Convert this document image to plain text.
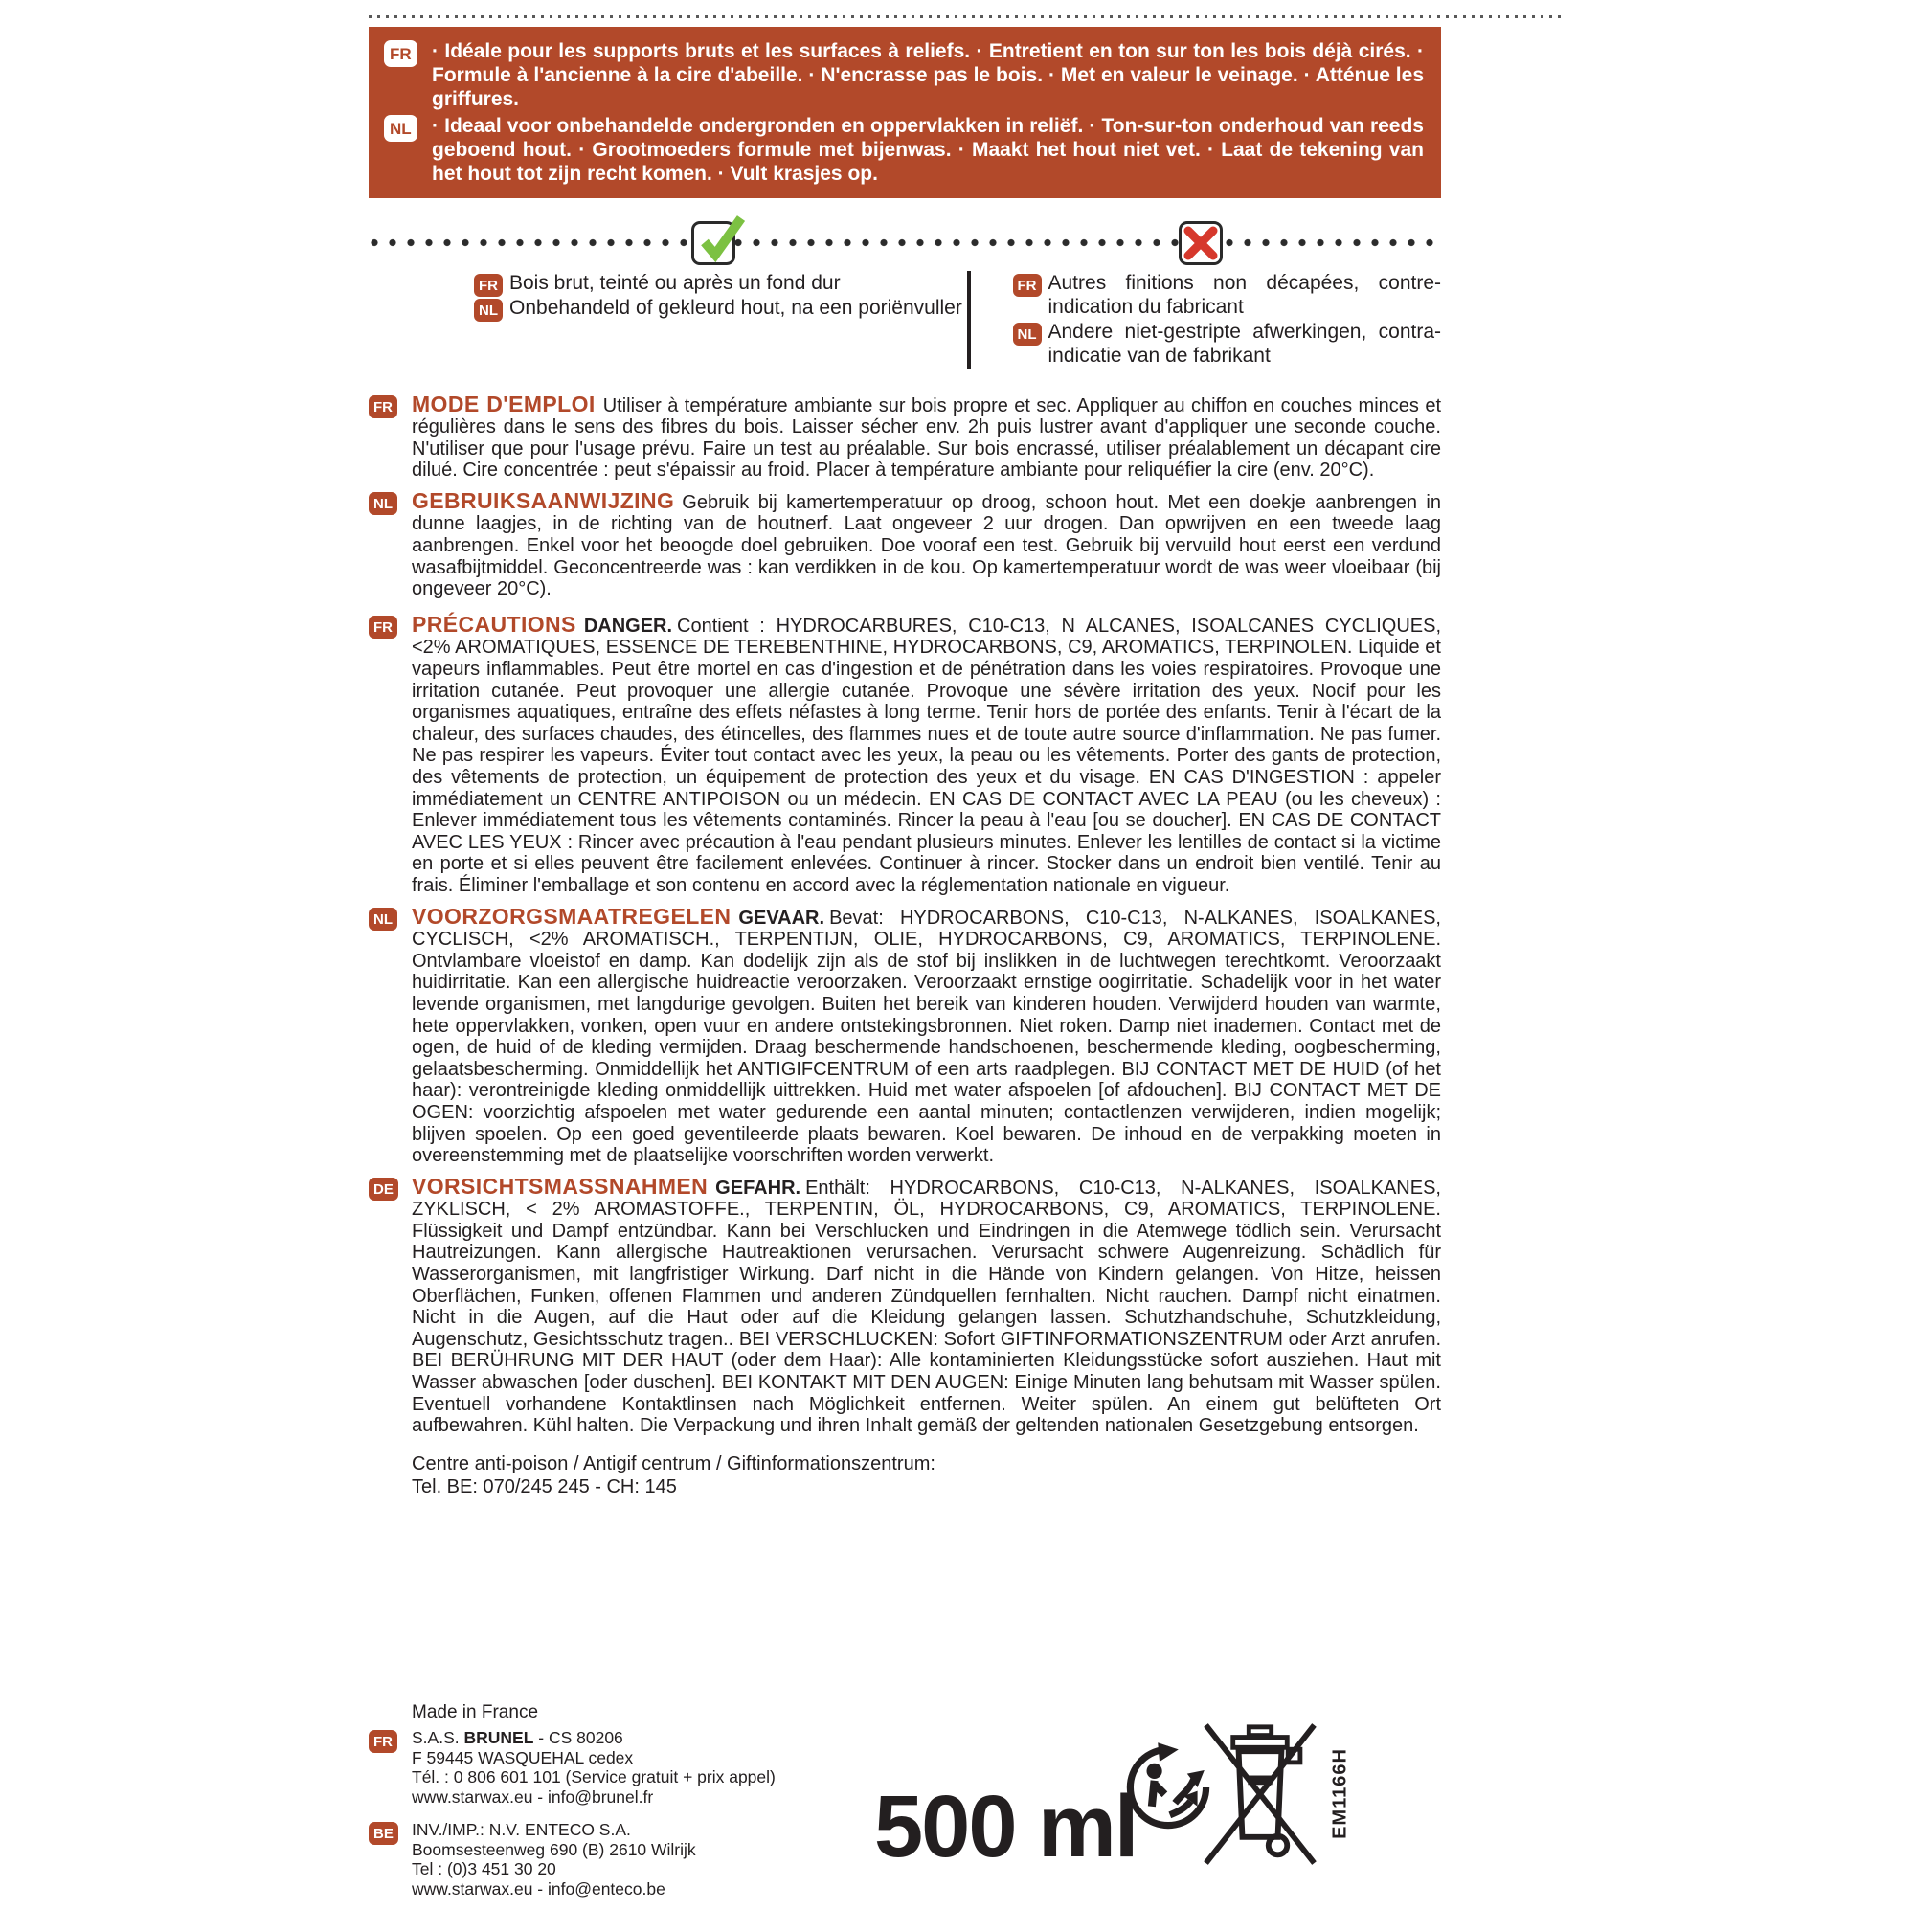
FR · Idéale pour les supports bruts et les surfaces à reliefs. · Entretient en ton sur ton les bois déjà cirés. · Formule à l'ancienne à la cire d'abeille. · N'encrasse pas le bois. · Met en valeur le veinage. · Atténue les griffures.

NL · Ideaal voor onbehandelde ondergronden en oppervlakken in reliëf. · Ton-sur-ton onderhoud van reeds geboend hout. · Grootmoeders formule met bijenwas. · Maakt het hout niet vet. · Laat de tekening van het hout tot zijn recht komen. · Vult krasjes op.

FR Bois brut, teinté ou après un fond dur
NL Onbehandeld of gekleurd hout, na een poriënvuller
FR Autres finitions non décapées, contre-indication du fabricant
NL Andere niet-gestripte afwerkingen, contra-indicatie van de fabrikant
FR MODE D'EMPLOI Utiliser à température ambiante sur bois propre et sec. Appliquer au chiffon en couches minces et régulières dans le sens des fibres du bois. Laisser sécher env. 2h puis lustrer avant d'appliquer une seconde couche. N'utiliser que pour l'usage prévu. Faire un test au préalable. Sur bois encrassé, utiliser préalablement un décapant cire dilué. Cire concentrée : peut s'épaissir au froid. Placer à température ambiante pour reliquéfier la cire (env. 20°C).
NL GEBRUIKSAANWIJZING Gebruik bij kamertemperatuur op droog, schoon hout. Met een doekje aanbrengen in dunne laagjes, in de richting van de houtnerf. Laat ongeveer 2 uur drogen. Dan opwrijven en een tweede laag aanbrengen. Enkel voor het beoogde doel gebruiken. Doe vooraf een test. Gebruik bij vervuild hout eerst een verdund wasafbijtmiddel. Geconcentreerde was : kan verdikken in de kou. Op kamertemperatuur wordt de was weer vloeibaar (bij ongeveer 20°C).
FR PRÉCAUTIONS DANGER. Contient : HYDROCARBURES, C10-C13, N ALCANES, ISOALCANES CYCLIQUES, <2% AROMATIQUES, ESSENCE DE TEREBENTHINE, HYDROCARBONS, C9, AROMATICS, TERPINOLEN. Liquide et vapeurs inflammables. Peut être mortel en cas d'ingestion et de pénétration dans les voies respiratoires. Provoque une irritation cutanée. Peut provoquer une allergie cutanée. Provoque une sévère irritation des yeux. Nocif pour les organismes aquatiques, entraîne des effets néfastes à long terme. Tenir hors de portée des enfants. Tenir à l'écart de la chaleur, des surfaces chaudes, des étincelles, des flammes nues et de toute autre source d'inflammation. Ne pas fumer. Ne pas respirer les vapeurs. Éviter tout contact avec les yeux, la peau ou les vêtements. Porter des gants de protection, des vêtements de protection, un équipement de protection des yeux et du visage. EN CAS D'INGESTION : appeler immédiatement un CENTRE ANTIPOISON ou un médecin. EN CAS DE CONTACT AVEC LA PEAU (ou les cheveux) : Enlever immédiatement tous les vêtements contaminés. Rincer la peau à l'eau [ou se doucher]. EN CAS DE CONTACT AVEC LES YEUX : Rincer avec précaution à l'eau pendant plusieurs minutes. Enlever les lentilles de contact si la victime en porte et si elles peuvent être facilement enlevées. Continuer à rincer. Stocker dans un endroit bien ventilé. Tenir au frais. Éliminer l'emballage et son contenu en accord avec la réglementation nationale en vigueur.
NL VOORZORGSMAATREGELEN GEVAAR. Bevat: HYDROCARBONS, C10-C13, N-ALKANES, ISOALKANES, CYCLISCH, <2% AROMATISCH., TERPENTIJN, OLIE, HYDROCARBONS, C9, AROMATICS, TERPINOLENE. Ontvlambare vloeistof en damp. Kan dodelijk zijn als de stof bij inslikken in de luchtwegen terechtkomt. Veroorzaakt huidirritatie. Kan een allergische huidreactie veroorzaken. Veroorzaakt ernstige oogirritatie. Schadelijk voor in het water levende organismen, met langdurige gevolgen. Buiten het bereik van kinderen houden. Verwijderd houden van warmte, hete oppervlakken, vonken, open vuur en andere ontstekingsbronnen. Niet roken. Damp niet inademen. Contact met de ogen, de huid of de kleding vermijden. Draag beschermende handschoenen, beschermende kleding, oogbescherming, gelaatsbescherming. Onmiddellijk het ANTIGIFCENTRUM of een arts raadplegen. BIJ CONTACT MET DE HUID (of het haar): verontreinigde kleding onmiddellijk uittrekken. Huid met water afspoelen [of afdouchen]. BIJ CONTACT MET DE OGEN: voorzichtig afspoelen met water gedurende een aantal minuten; contactlenzen verwijderen, indien mogelijk; blijven spoelen. Op een goed geventileerde plaats bewaren. Koel bewaren. De inhoud en de verpakking moeten in overeenstemming met de plaatselijke voorschriften worden verwerkt.
DE VORSICHTSMASSNAHMEN GEFAHR. Enthält: HYDROCARBONS, C10-C13, N-ALKANES, ISOALKANES, ZYKLISCH, < 2% AROMASTOFFE., TERPENTIN, ÖL, HYDROCARBONS, C9, AROMATICS, TERPINOLENE. Flüssigkeit und Dampf entzündbar. Kann bei Verschlucken und Eindringen in die Atemwege tödlich sein. Verursacht Hautreizungen. Kann allergische Hautreaktionen verursachen. Verursacht schwere Augenreizung. Schädlich für Wasserorganismen, mit langfristiger Wirkung. Darf nicht in die Hände von Kindern gelangen. Von Hitze, heissen Oberflächen, Funken, offenen Flammen und anderen Zündquellen fernhalten. Nicht rauchen. Dampf nicht einatmen. Nicht in die Augen, auf die Haut oder auf die Kleidung gelangen lassen. Schutzhandschuhe, Schutzkleidung, Augenschutz, Gesichtsschutz tragen.. BEI VERSCHLUCKEN: Sofort GIFTINFORMATIONSZENTRUM oder Arzt anrufen. BEI BERÜHRUNG MIT DER HAUT (oder dem Haar): Alle kontaminierten Kleidungsstücke sofort ausziehen. Haut mit Wasser abwaschen [oder duschen]. BEI KONTAKT MIT DEN AUGEN: Einige Minuten lang behutsam mit Wasser spülen. Eventuell vorhandene Kontaktlinsen nach Möglichkeit entfernen. Weiter spülen. An einem gut belüfteten Ort aufbewahren. Kühl halten. Die Verpackung und ihren Inhalt gemäß der geltenden nationalen Gesetzgebung entsorgen.

Centre anti-poison / Antigif centrum / Giftinformationszentrum:

Tel. BE: 070/245 245 - CH: 145

Made in France

FR S.A.S. BRUNEL - CS 80206

F 59445 WASQUEHAL cedex

Tél. : 0 806 601 101 (Service gratuit + prix appel)

www.starwax.eu - info@brunel.fr

BE INV./IMP.: N.V. ENTECO S.A.

Boomsesteenweg 690 (B) 2610 Wilrijk

Tel : (0)3 451 30 20

www.starwax.eu - info@enteco.be

500 ml	EM1166H
